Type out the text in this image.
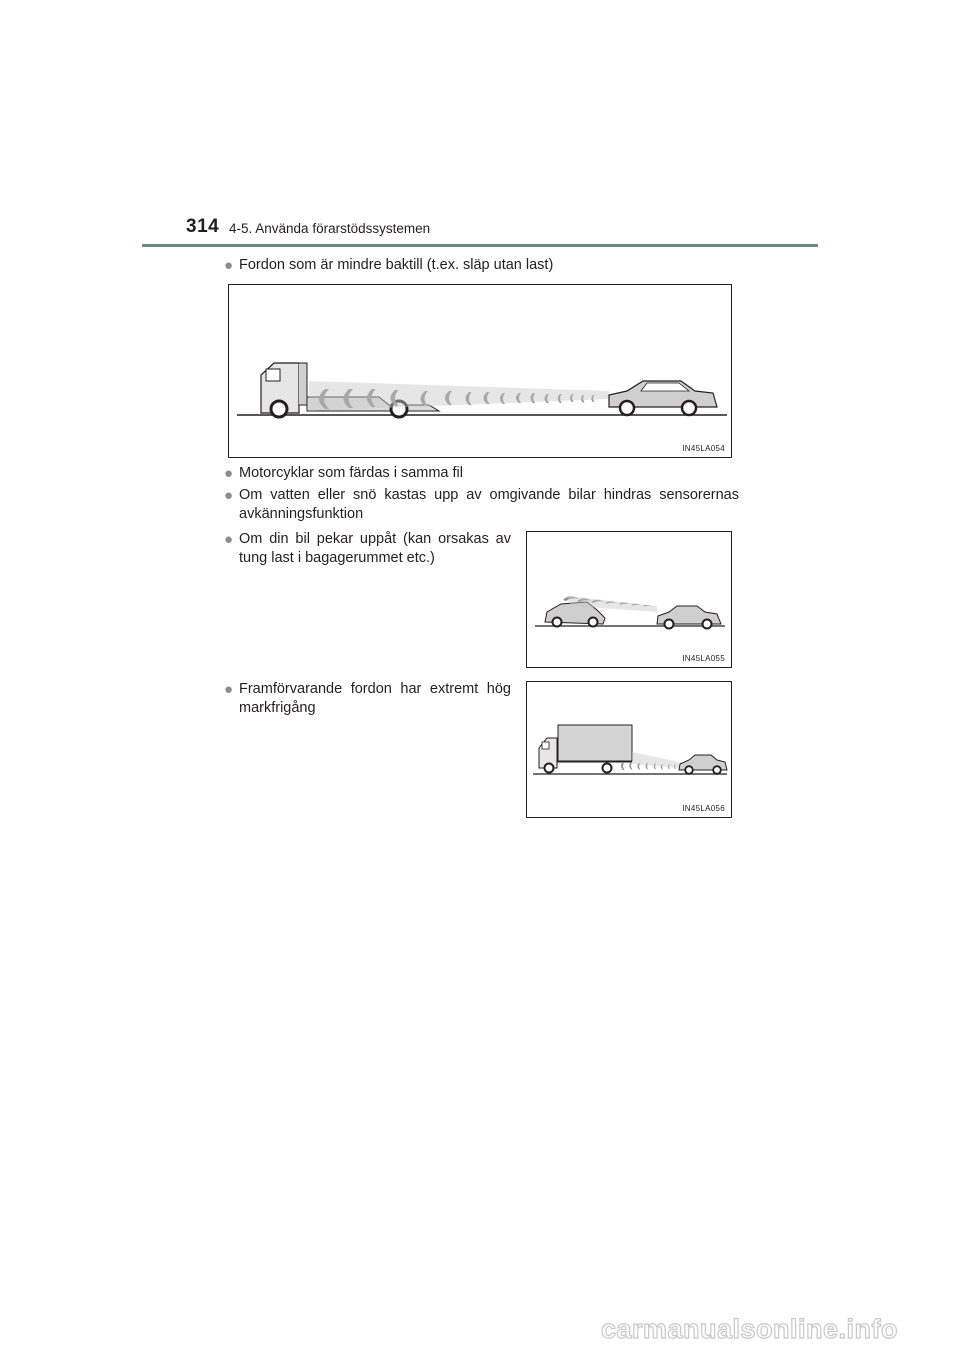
314 4-5. Använda förarstödssystemen
● Fordon som är mindre baktill (t.ex. släp utan last)

IN45LA054
● Motorcyklar som färdas i samma fil

● Om vatten eller snö kastas upp av omgivande bilar hindras sensorernas avkänningsfunktion

● Om din bil pekar uppåt (kan orsakas av tung last i bagagerummet etc.)

IN45LA055
● Framförvarande fordon har extremt hög markfrigång

IN45LA056
carmanualsonline.info
